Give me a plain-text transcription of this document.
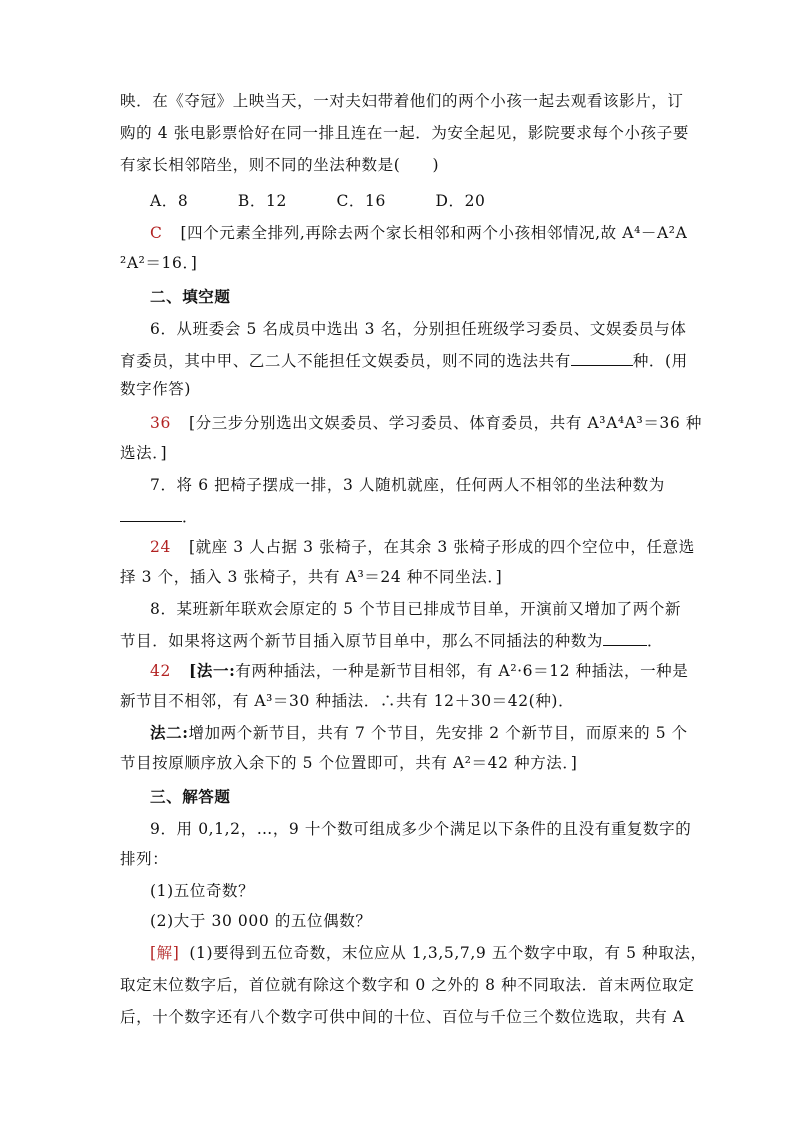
映．在《夺冠》上映当天，一对夫妇带着他们的两个小孩一起去观看该影片，订
购的 4 张电影票恰好在同一排且连在一起．为安全起见，影院要求每个小孩子要
有家长相邻陪坐，则不同的坐法种数是(　　)
A．8	B．12	C．16	D．20
C [四个元素全排列,再除去两个家长相邻和两个小孩相邻情况,故 A⁴－A²A
²A²＝16．]
二、填空题
6．从班委会 5 名成员中选出 3 名，分别担任班级学习委员、文娱委员与体
育委员，其中甲、乙二人不能担任文娱委员，则不同的选法共有	种．(用
数字作答)
36 [分三步分别选出文娱委员、学习委员、体育委员，共有 A³A⁴A³＝36 种
选法．]
7．将 6 把椅子摆成一排，3 人随机就座，任何两人不相邻的坐法种数为
．
24 [就座 3 人占据 3 张椅子，在其余 3 张椅子形成的四个空位中，任意选
择 3 个，插入 3 张椅子，共有 A³＝24 种不同坐法．]
8．某班新年联欢会原定的 5 个节目已排成节目单，开演前又增加了两个新
节目．如果将这两个新节目插入原节目单中，那么不同插法的种数为	．
42 [法一:有两种插法，一种是新节目相邻，有 A²·6＝12 种插法，一种是
新节目不相邻，有 A³＝30 种插法．∴共有 12＋30＝42(种)．
法二:增加两个新节目，共有 7 个节目，先安排 2 个新节目，而原来的 5 个
节目按原顺序放入余下的 5 个位置即可，共有 A²＝42 种方法．]
三、解答题
9．用 0,1,2，…，9 十个数可组成多少个满足以下条件的且没有重复数字的
排列：
(1)五位奇数？
(2)大于 30 000 的五位偶数？
[解] (1)要得到五位奇数，末位应从 1,3,5,7,9 五个数字中取，有 5 种取法，
取定末位数字后，首位就有除这个数字和 0 之外的 8 种不同取法．首末两位取定
后，十个数字还有八个数字可供中间的十位、百位与千位三个数位选取，共有 A
